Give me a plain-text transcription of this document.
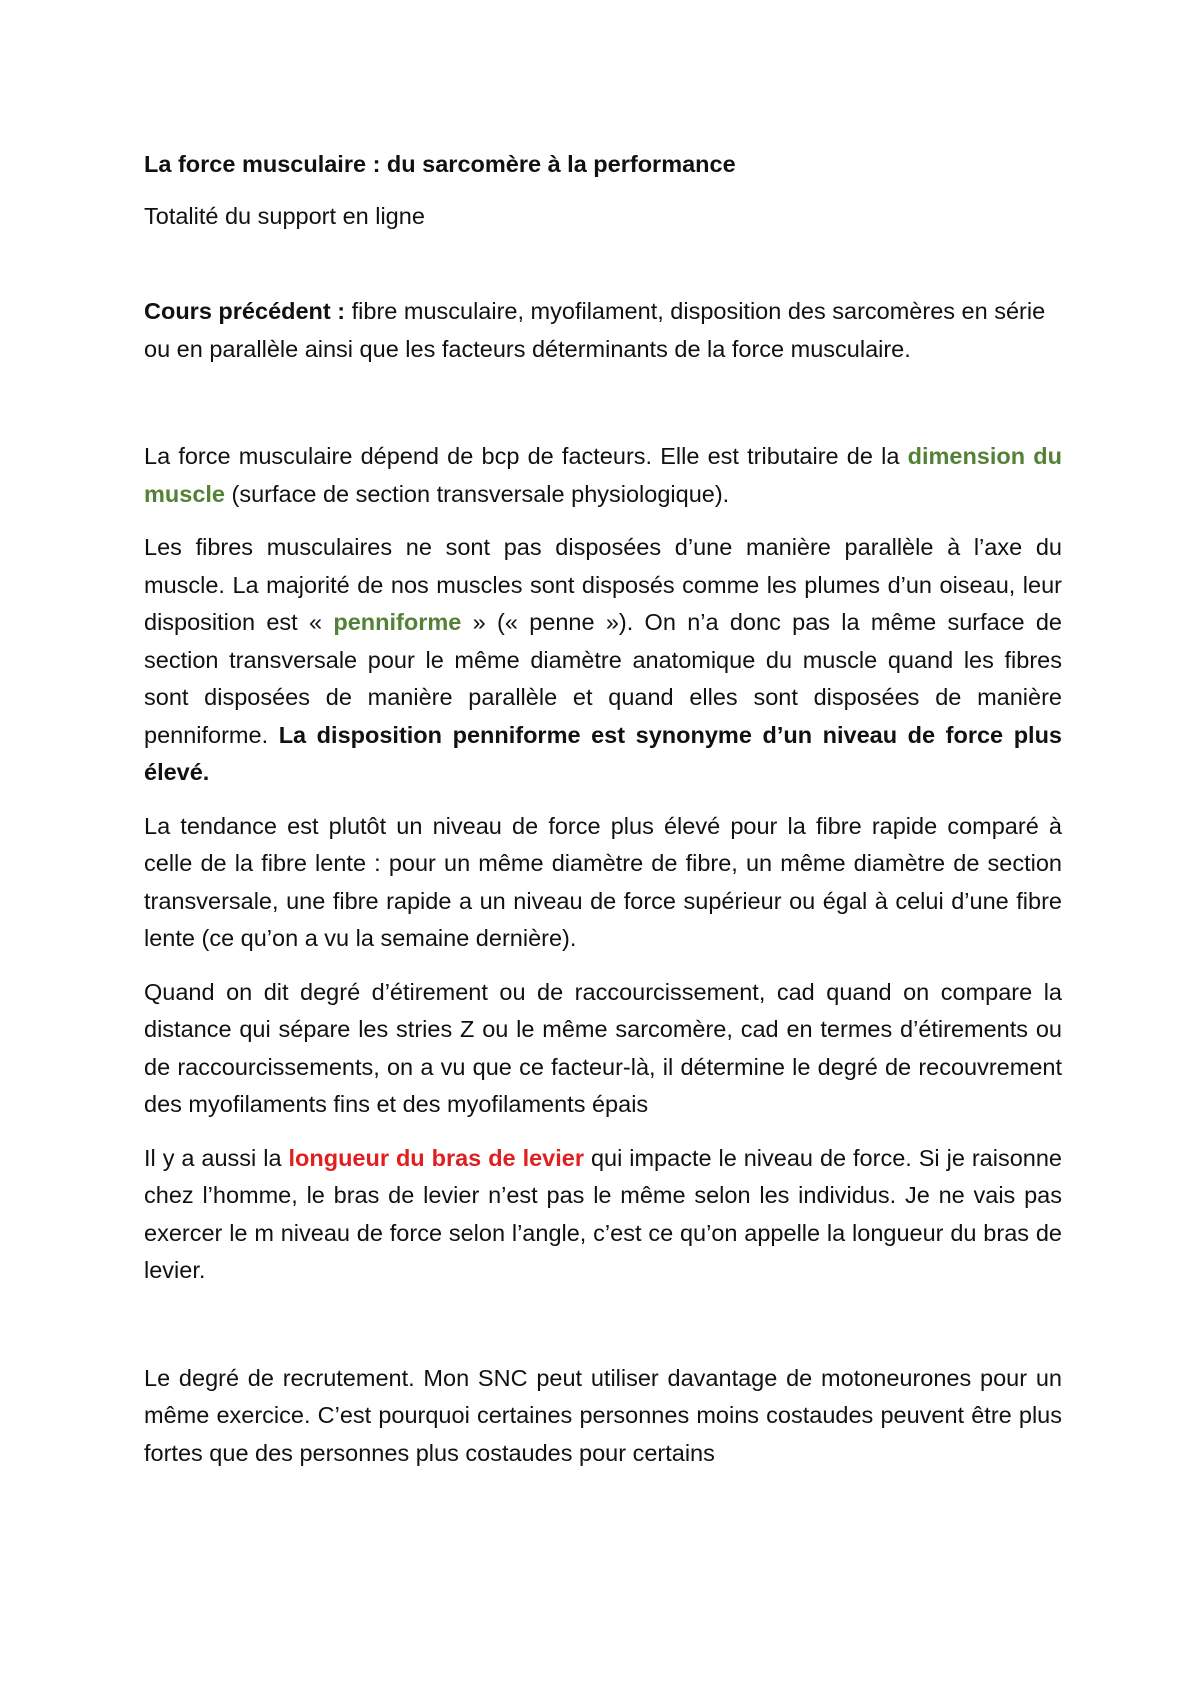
La force musculaire : du sarcomère à la performance

Totalité du support en ligne

Cours précédent : fibre musculaire, myofilament, disposition des sarcomères en série ou en parallèle ainsi que les facteurs déterminants de la force musculaire.

La force musculaire dépend de bcp de facteurs. Elle est tributaire de la dimension du muscle (surface de section transversale physiologique).

Les fibres musculaires ne sont pas disposées d’une manière parallèle à l’axe du muscle. La majorité de nos muscles sont disposés comme les plumes d’un oiseau, leur disposition est « penniforme » (« penne »). On n’a donc pas la même surface de section transversale pour le même diamètre anatomique du muscle quand les fibres sont disposées de manière parallèle et quand elles sont disposées de manière penniforme. La disposition penniforme est synonyme d’un niveau de force plus élevé.

La tendance est plutôt un niveau de force plus élevé pour la fibre rapide comparé à celle de la fibre lente : pour un même diamètre de fibre, un même diamètre de section transversale, une fibre rapide a un niveau de force supérieur ou égal à celui d’une fibre lente (ce qu’on a vu la semaine dernière).

Quand on dit degré d’étirement ou de raccourcissement, cad quand on compare la distance qui sépare les stries Z ou le même sarcomère, cad en termes d’étirements ou de raccourcissements, on a vu que ce facteur-là, il détermine le degré de recouvrement des myofilaments fins et des myofilaments épais

Il y a aussi la longueur du bras de levier qui impacte le niveau de force. Si je raisonne chez l’homme, le bras de levier n’est pas le même selon les individus. Je ne vais pas exercer le m niveau de force selon l’angle, c’est ce qu’on appelle la longueur du bras de levier.

Le degré de recrutement. Mon SNC peut utiliser davantage de motoneurones pour un même exercice. C’est pourquoi certaines personnes moins costaudes peuvent être plus fortes que des personnes plus costaudes pour certains
